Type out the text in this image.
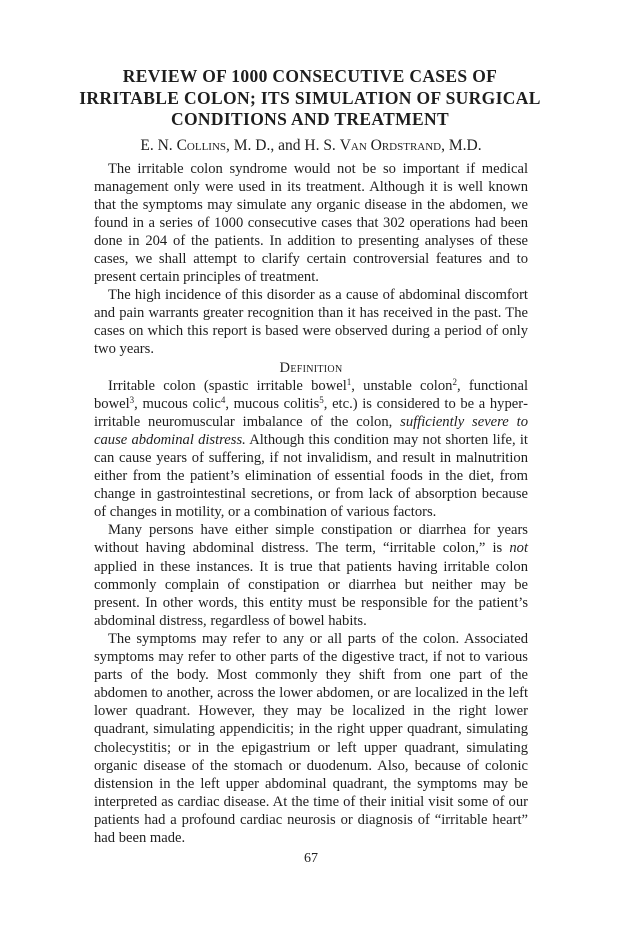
REVIEW OF 1000 CONSECUTIVE CASES OF
IRRITABLE COLON; ITS SIMULATION OF SURGICAL
CONDITIONS AND TREATMENT
E. N. Collins, M. D., and H. S. Van Ordstrand, M.D.

The irritable colon syndrome would not be so important if medical management only were used in its treatment. Although it is well known that the symptoms may simulate any organic disease in the abdomen, we found in a series of 1000 consecutive cases that 302 operations had been done in 204 of the patients. In addition to presenting analyses of these cases, we shall attempt to clarify certain controversial features and to present certain principles of treatment.

The high incidence of this disorder as a cause of abdominal discomfort and pain warrants greater recognition than it has received in the past. The cases on which this report is based were observed during a period of only two years.

Definition

Irritable colon (spastic irritable bowel$^1$, unstable colon$^2$, functional bowel$^3$, mucous colic$^4$, mucous colitis$^5$, etc.) is considered to be a hyperirritable neuromuscular imbalance of the colon, sufficiently severe to cause abdominal distress. Although this condition may not shorten life, it can cause years of suffering, if not invalidism, and result in malnutrition either from the patient’s elimination of essential foods in the diet, from change in gastrointestinal secretions, or from lack of absorption because of changes in motility, or a combination of various factors.

Many persons have either simple constipation or diarrhea for years without having abdominal distress. The term, “irritable colon,” is not applied in these instances. It is true that patients having irritable colon commonly complain of constipation or diarrhea but neither may be present. In other words, this entity must be responsible for the patient’s abdominal distress, regardless of bowel habits.

The symptoms may refer to any or all parts of the colon. Associated symptoms may refer to other parts of the digestive tract, if not to various parts of the body. Most commonly they shift from one part of the abdomen to another, across the lower abdomen, or are localized in the left lower quadrant. However, they may be localized in the right lower quadrant, simulating appendicitis; in the right upper quadrant, simulating cholecystitis; or in the epigastrium or left upper quadrant, simulating organic disease of the stomach or duodenum. Also, because of colonic distension in the left upper abdominal quadrant, the symptoms may be interpreted as cardiac disease. At the time of their initial visit some of our patients had a profound cardiac neurosis or diagnosis of “irritable heart” had been made.

67
